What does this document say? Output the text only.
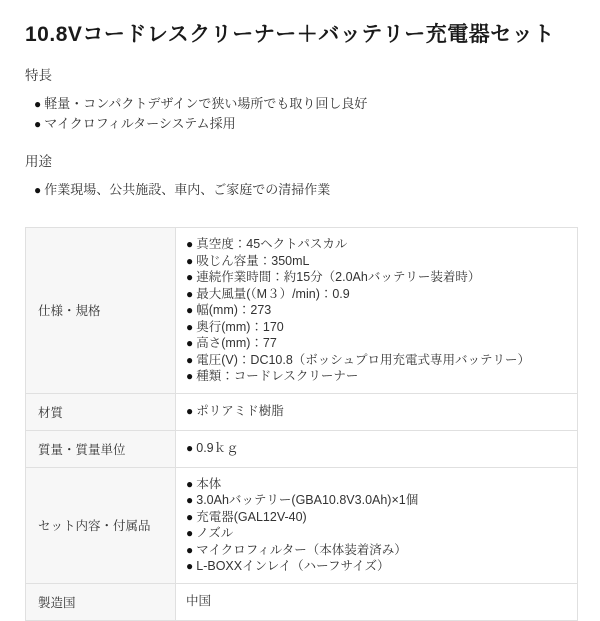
10.8Vコードレスクリーナー＋バッテリー充電器セット
特長
● 軽量・コンパクトデザインで狭い場所でも取り回し良好
● マイクロフィルターシステム採用
用途
● 作業現場、公共施設、車内、ご家庭での清掃作業
仕様・規格	
● 真空度：45ヘクトパスカル
● 吸じん容量：350mL
● 連続作業時間：約15分（2.0Ahバッテリー装着時）
● 最大風量(（M３）/min)：0.9
● 幅(mm)：273
● 奥行(mm)：170
● 高さ(mm)：77
● 電圧(V)：DC10.8（ボッシュプロ用充電式専用バッテリー）
● 種類：コードレスクリーナー

材質	● ポリアミド樹脂

質量・質量単位	● 0.9ｋｇ

セット内容・付属品	
● 本体
● 3.0Ahバッテリー(GBA10.8V3.0Ah)×1個
● 充電器(GAL12V-40)
● ノズル
● マイクロフィルター（本体装着済み）
● L-BOXXインレイ（ハーフサイズ）

製造国	中国
